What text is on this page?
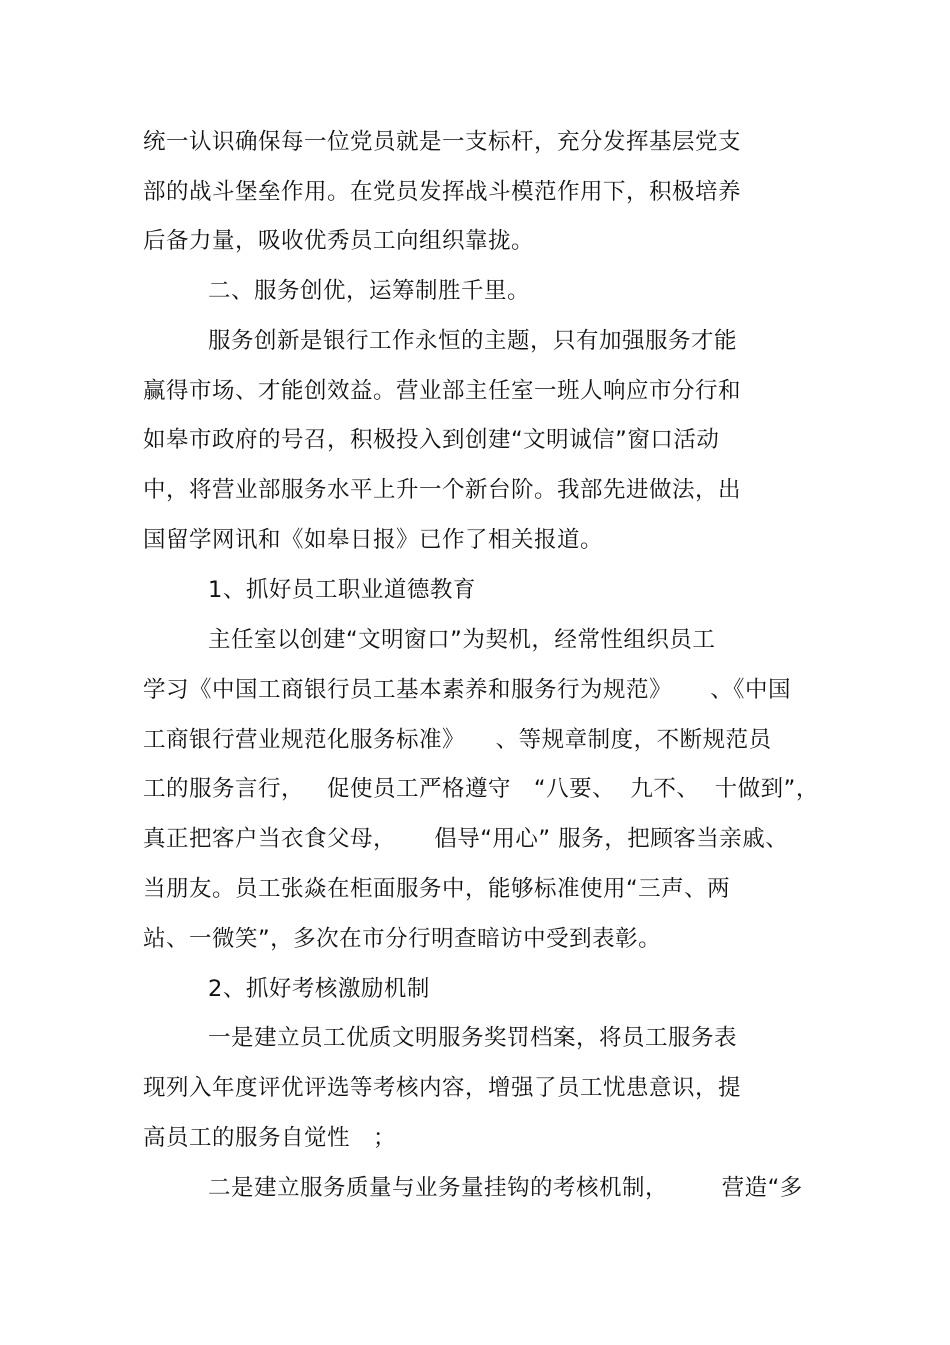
统一认识确保每一位党员就是一支标杆，充分发挥基层党支
部的战斗堡垒作用。在党员发挥战斗模范作用下，积极培养
后备力量，吸收优秀员工向组织靠拢。
二、服务创优，运筹制胜千里。
服务创新是银行工作永恒的主题，只有加强服务才能
赢得市场、才能创效益。营业部主任室一班人响应市分行和
如皋市政府的号召，积极投入到创建“文明诚信”窗口活动
中，将营业部服务水平上升一个新台阶。我部先进做法，出
国留学网讯和《如皋日报》已作了相关报道。
1、抓好员工职业道德教育
主任室以创建“文明窗口”为契机，经常性组织员工
学习《中国工商银行员工基本素养和服务行为规范》     、《中国
工商银行营业规范化服务标准》    、等规章制度，不断规范员
工的服务言行，   促使员工严格遵守   “八要、  九不、  十做到”，
真正把客户当衣食父母，     倡导“用心” 服务，把顾客当亲戚、
当朋友。员工张焱在柜面服务中，能够标准使用“三声、两
站、一微笑”，多次在市分行明查暗访中受到表彰。
2、抓好考核激励机制
一是建立员工优质文明服务奖罚档案，将员工服务表
现列入年度评优评选等考核内容，增强了员工忧患意识，提
高员工的服务自觉性   ；
二是建立服务质量与业务量挂钩的考核机制，       营造“多
